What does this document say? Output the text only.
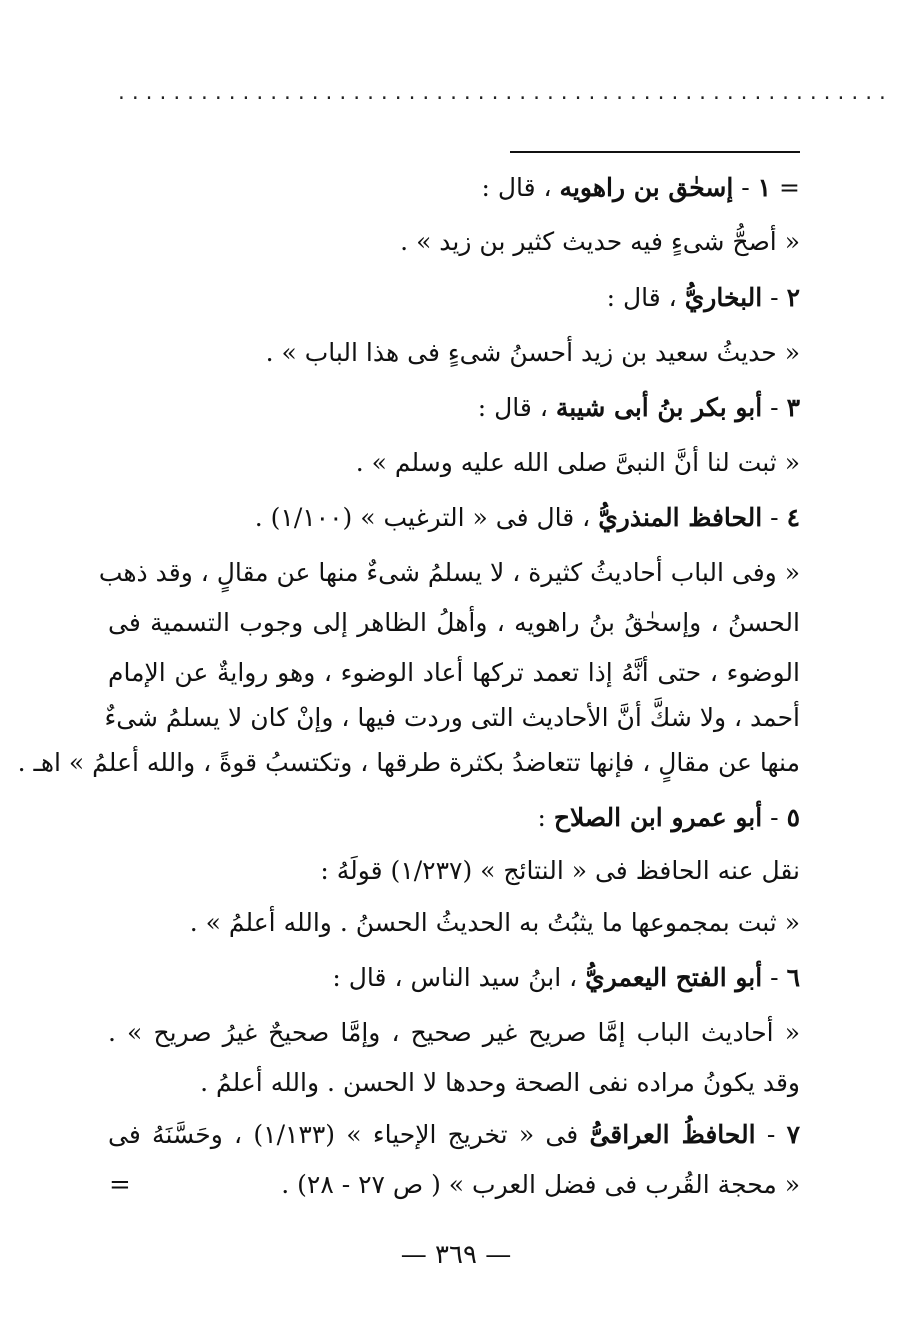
........................................................
= ١ - إسحٰق بن راهويه ، قال :
« أصحُّ شىءٍ فيه حديث كثير بن زيد » .
٢ - البخاريُّ ، قال :
« حديثُ سعيد بن زيد أحسنُ شىءٍ فى هذا الباب » .
٣ - أبو بكر بنُ أبى شيبة ، قال :
« ثبت لنا أنَّ النبىَّ صلى الله عليه وسلم » .
٤ - الحافظ المنذريُّ ، قال فى « الترغيب » (١/١٠٠) .
« وفى الباب أحاديثُ كثيرة ، لا يسلمُ شىءٌ منها عن مقالٍ ، وقد ذهب
الحسنُ ، وإسحٰقُ بنُ راهويه ، وأهلُ الظاهر إلى وجوب التسمية فى
الوضوء ، حتى أنَّهُ إذا تعمد تركها أعاد الوضوء ، وهو روايةٌ عن الإمام
أحمد ، ولا شكَّ أنَّ الأحاديث التى وردت فيها ، وإنْ كان لا يسلمُ شىءٌ
منها عن مقالٍ ، فإنها تتعاضدُ بكثرة طرقها ، وتكتسبُ قوةً ، والله أعلمُ » اهـ .
٥ - أبو عمرو ابن الصلاح :
نقل عنه الحافظ فى « النتائج » (١/٢٣٧) قولَهُ :
« ثبت بمجموعها ما يثبُتُ به الحديثُ الحسنُ . والله أعلمُ » .
٦ - أبو الفتح اليعمريُّ ، ابنُ سيد الناس ، قال :
« أحاديث الباب إمَّا صريح غير صحيح ، وإمَّا صحيحٌ غيرُ صريح » .
وقد يكونُ مراده نفى الصحة وحدها لا الحسن . والله أعلمُ .
٧ - الحافظُ العراقىُّ فى « تخريج الإحياء » (١/١٣٣) ، وحَسَّنَهُ فى
« محجة القُرب فى فضل العرب » ( ص ٢٧ - ٢٨) .
=
— ٣٦٩ —
